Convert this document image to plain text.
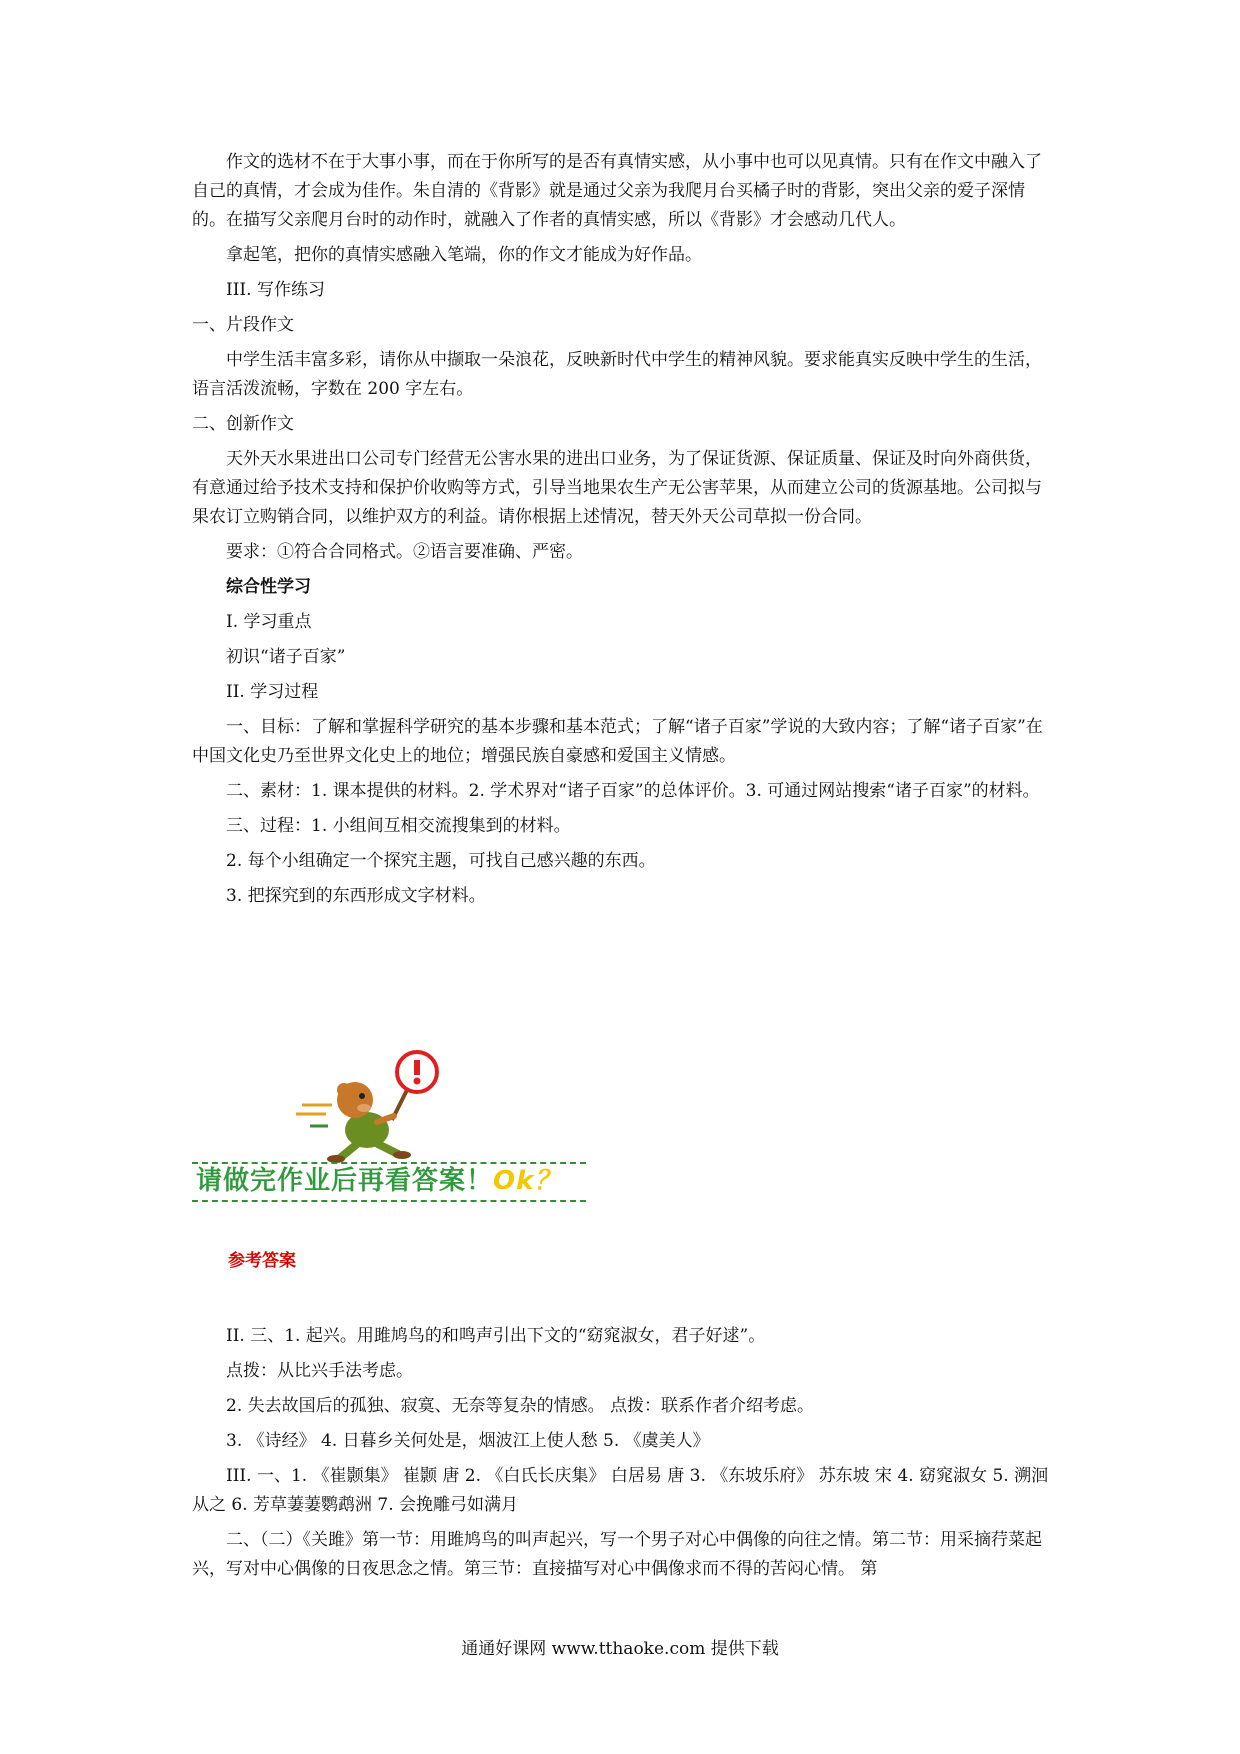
作文的选材不在于大事小事，而在于你所写的是否有真情实感，从小事中也可以见真情。只有在作文中融入了自己的真情，才会成为佳作。朱自清的《背影》就是通过父亲为我爬月台买橘子时的背影，突出父亲的爱子深情的。在描写父亲爬月台时的动作时，就融入了作者的真情实感，所以《背影》才会感动几代人。

拿起笔，把你的真情实感融入笔端，你的作文才能成为好作品。

III. 写作练习

一、片段作文

中学生活丰富多彩，请你从中撷取一朵浪花，反映新时代中学生的精神风貌。要求能真实反映中学生的生活，语言活泼流畅，字数在 200 字左右。

二、创新作文

天外天水果进出口公司专门经营无公害水果的进出口业务，为了保证货源、保证质量、保证及时向外商供货，有意通过给予技术支持和保护价收购等方式，引导当地果农生产无公害苹果，从而建立公司的货源基地。公司拟与果农订立购销合同，以维护双方的利益。请你根据上述情况，替天外天公司草拟一份合同。

要求：①符合合同格式。②语言要准确、严密。

综合性学习

Ⅰ. 学习重点

初识“诸子百家”

II. 学习过程

一、目标：了解和掌握科学研究的基本步骤和基本范式；了解“诸子百家”学说的大致内容；了解“诸子百家”在中国文化史乃至世界文化史上的地位；增强民族自豪感和爱国主义情感。

二、素材：1. 课本提供的材料。2. 学术界对“诸子百家”的总体评价。3. 可通过网站搜索“诸子百家”的材料。

三、过程：1. 小组间互相交流搜集到的材料。

2. 每个小组确定一个探究主题，可找自己感兴趣的东西。

3. 把探究到的东西形成文字材料。

请做完作业后再看答案！Ok？
参考答案

II. 三、1. 起兴。用雎鸠鸟的和鸣声引出下文的“窈窕淑女，君子好逑”。

点拨：从比兴手法考虑。

2. 失去故国后的孤独、寂寞、无奈等复杂的情感。 点拨：联系作者介绍考虑。

3. 《诗经》 4. 日暮乡关何处是，烟波江上使人愁 5. 《虞美人》

III. 一、1. 《崔颢集》 崔颢 唐 2. 《白氏长庆集》 白居易 唐 3. 《东坡乐府》 苏东坡 宋 4. 窈窕淑女 5. 溯洄从之 6. 芳草萋萋鹦鹉洲 7. 会挽雕弓如满月

二、（二）《关雎》第一节：用雎鸠鸟的叫声起兴，写一个男子对心中偶像的向往之情。第二节：用采摘荇菜起兴，写对中心偶像的日夜思念之情。第三节：直接描写对心中偶像求而不得的苦闷心情。 第

通通好课网 www.tthaoke.com 提供下载
